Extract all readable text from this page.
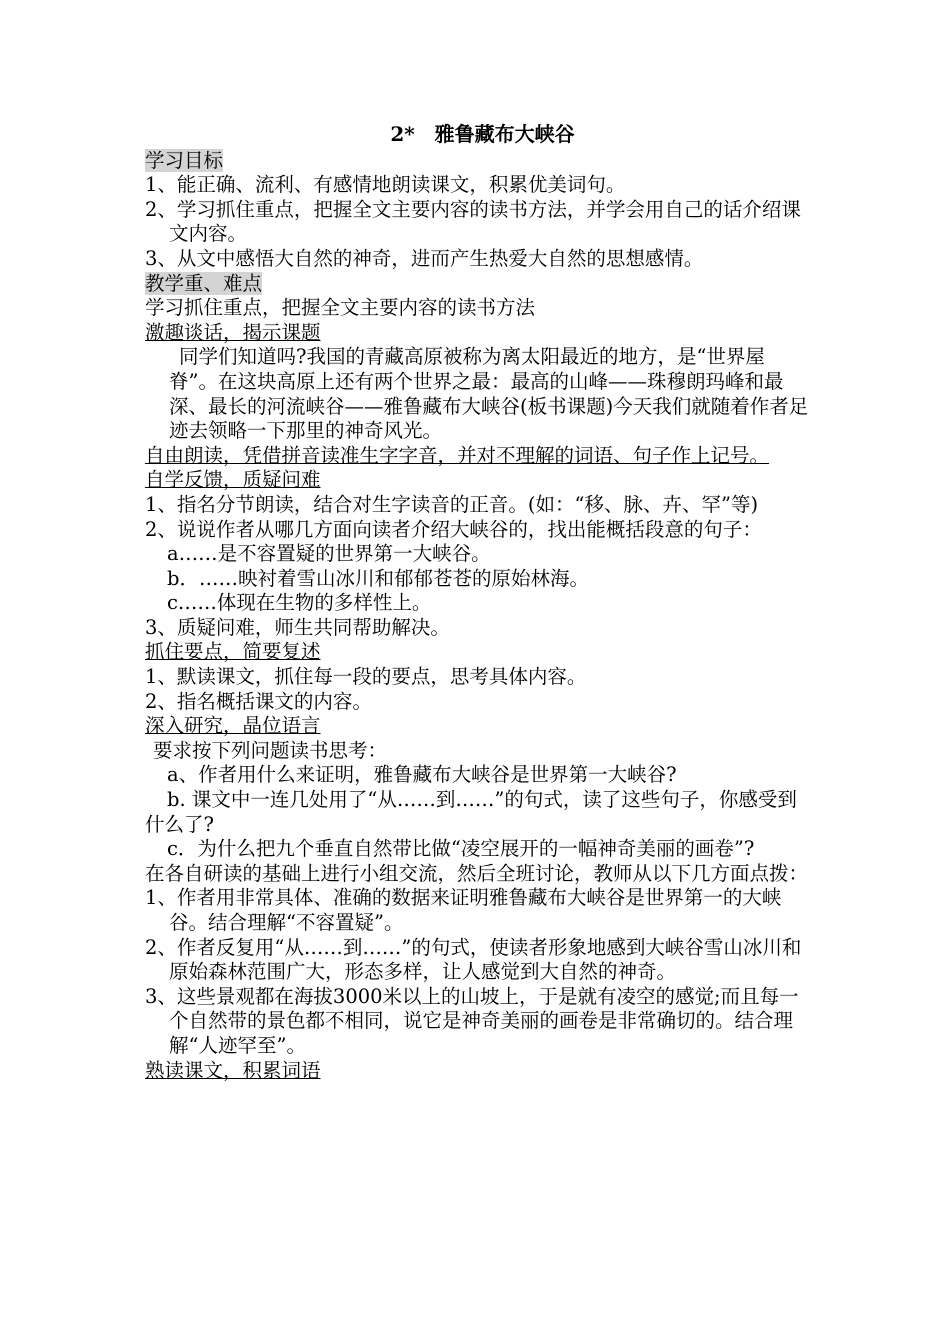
2*　雅鲁藏布大峡谷

学习目标

1、能正确、流利、有感情地朗读课文，积累优美词句。

2、学习抓住重点，把握全文主要内容的读书方法，并学会用自己的话介绍课文内容。

3、从文中感悟大自然的神奇，进而产生热爱大自然的思想感情。

教学重、难点

学习抓住重点，把握全文主要内容的读书方法

激趣谈话，揭示课题

同学们知道吗?我国的青藏高原被称为离太阳最近的地方，是“世界屋脊”。在这块高原上还有两个世界之最：最高的山峰——珠穆朗玛峰和最深、最长的河流峡谷——雅鲁藏布大峡谷(板书课题)今天我们就随着作者足迹去领略一下那里的神奇风光。

自由朗读，凭借拼音读准生字字音，并对不理解的词语、句子作上记号。

自学反馈，质疑问难

1、指名分节朗读，结合对生字读音的正音。(如：“移、脉、卉、罕”等)

2、说说作者从哪几方面向读者介绍大峡谷的，找出能概括段意的句子：

a……是不容置疑的世界第一大峡谷。

b．……映衬着雪山冰川和郁郁苍苍的原始林海。

c……体现在生物的多样性上。

3、质疑问难，师生共同帮助解决。

抓住要点，简要复述

1、默读课文，抓住每一段的要点，思考具体内容。

2、指名概括课文的内容。

深入研究，晶位语言

要求按下列问题读书思考：

a、作者用什么来证明，雅鲁藏布大峡谷是世界第一大峡谷?

b. 课文中一连几处用了“从……到……”的句式，读了这些句子，你感受到什么了?

c．为什么把九个垂直自然带比做“凌空展开的一幅神奇美丽的画卷”?

在各自研读的基础上进行小组交流，然后全班讨论，教师从以下几方面点拨：

1、作者用非常具体、准确的数据来证明雅鲁藏布大峡谷是世界第一的大峡谷。结合理解“不容置疑”。

2、作者反复用“从……到……”的句式，使读者形象地感到大峡谷雪山冰川和原始森林范围广大，形态多样，让人感觉到大自然的神奇。

3、这些景观都在海拔3000米以上的山坡上，于是就有凌空的感觉;而且每一个自然带的景色都不相同，说它是神奇美丽的画卷是非常确切的。结合理解“人迹罕至”。

熟读课文，积累词语
